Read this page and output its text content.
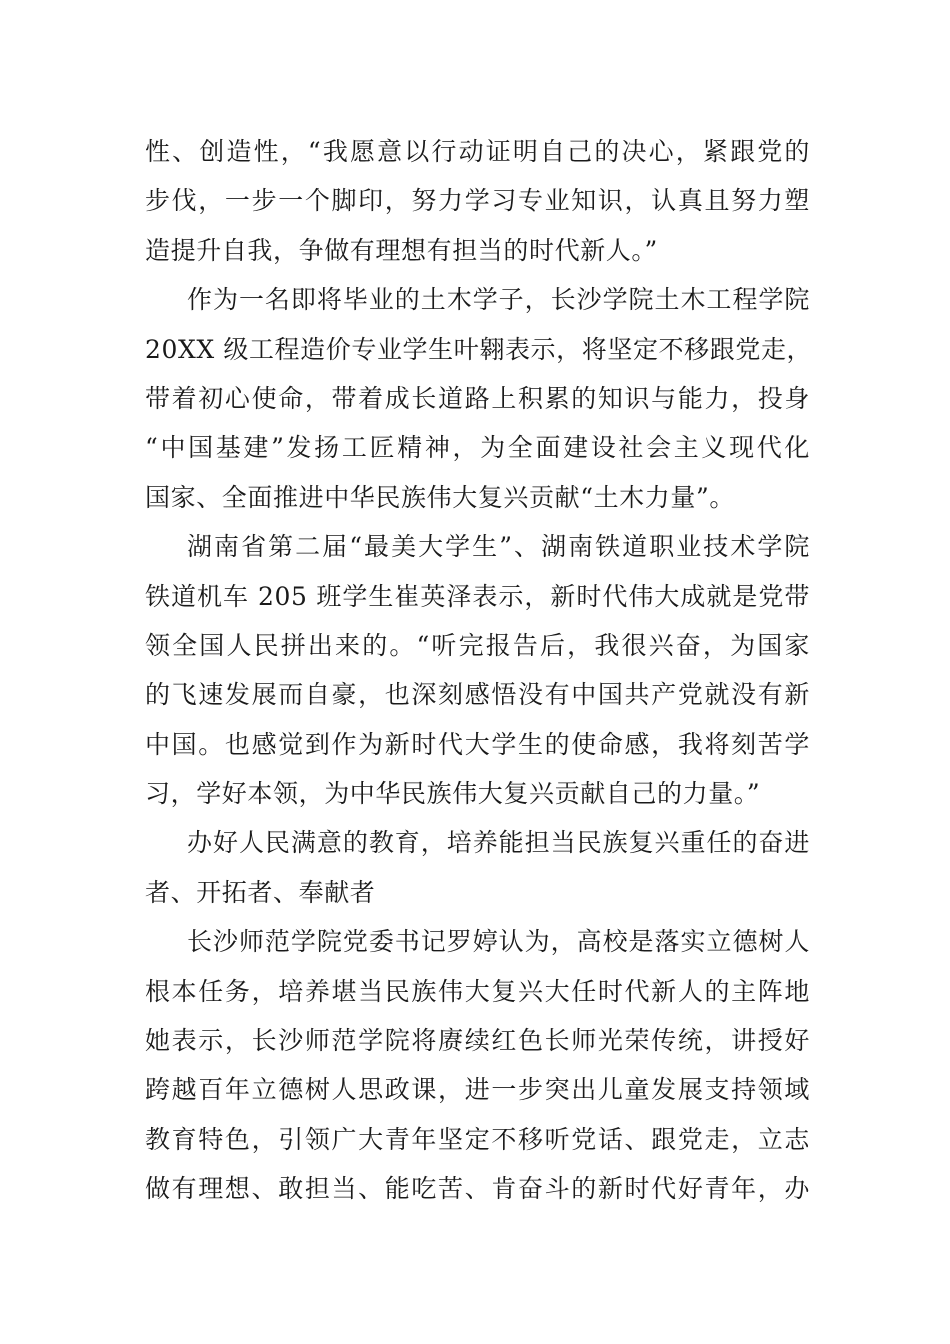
性、创造性，“我愿意以行动证明自己的决心，紧跟党的
步伐，一步一个脚印，努力学习专业知识，认真且努力塑
造提升自我，争做有理想有担当的时代新人。”
作为一名即将毕业的土木学子，长沙学院土木工程学院
20XX 级工程造价专业学生叶翱表示，将坚定不移跟党走，
带着初心使命，带着成长道路上积累的知识与能力，投身
“中国基建”发扬工匠精神，为全面建设社会主义现代化
国家、全面推进中华民族伟大复兴贡献“土木力量”。
湖南省第二届“最美大学生”、湖南铁道职业技术学院
铁道机车 205 班学生崔英泽表示，新时代伟大成就是党带
领全国人民拼出来的。“听完报告后，我很兴奋，为国家
的飞速发展而自豪，也深刻感悟没有中国共产党就没有新
中国。也感觉到作为新时代大学生的使命感，我将刻苦学
习，学好本领，为中华民族伟大复兴贡献自己的力量。”
办好人民满意的教育，培养能担当民族复兴重任的奋进
者、开拓者、奉献者
长沙师范学院党委书记罗婷认为，高校是落实立德树人
根本任务，培养堪当民族伟大复兴大任时代新人的主阵地
她表示，长沙师范学院将赓续红色长师光荣传统，讲授好
跨越百年立德树人思政课，进一步突出儿童发展支持领域
教育特色，引领广大青年坚定不移听党话、跟党走，立志
做有理想、敢担当、能吃苦、肯奋斗的新时代好青年，办
